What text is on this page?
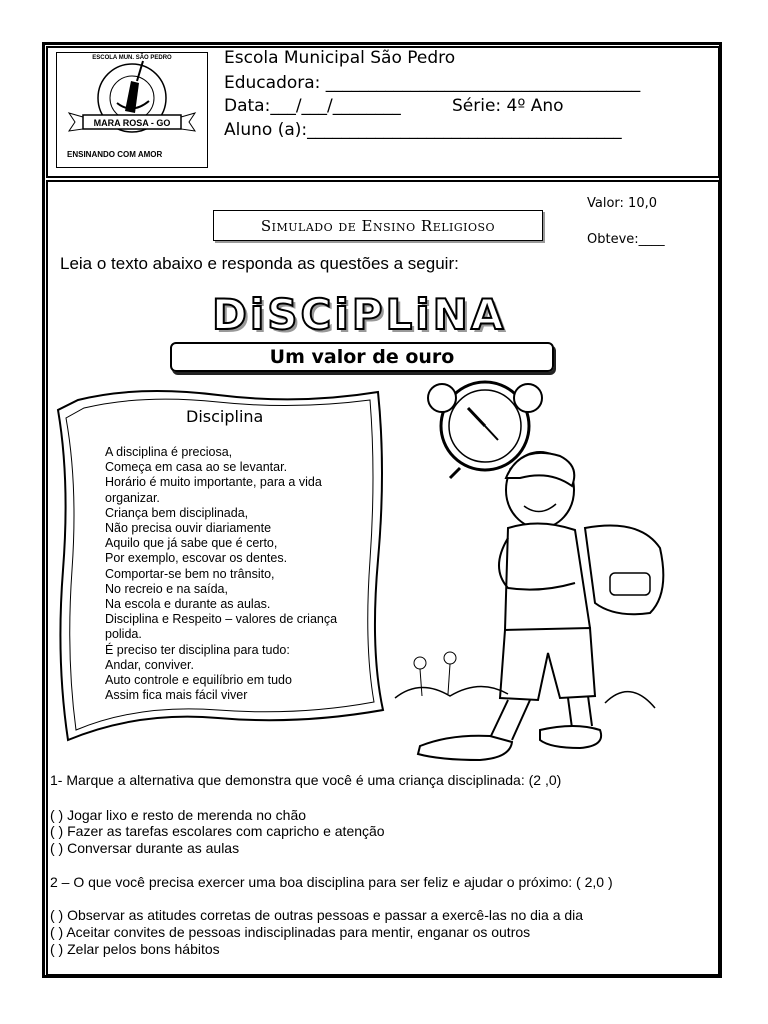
MARA ROSA - GO
ESCOLA MUN. SÃO PEDRO
ENSINANDO COM AMOR
Escola Municipal São Pedro
Educadora: _____________________________________
Data:___/___/________	Série: 4º Ano
Aluno (a):_____________________________________
Valor: 10,0
Obteve:____
Simulado de Ensino Religioso
Leia o texto abaixo e responda as questões a seguir:
DiSCiPLiNA
Um valor de ouro
Disciplina
A disciplina é preciosa,
Começa em casa ao se levantar.
Horário é muito importante, para a vida
organizar.
Criança bem disciplinada,
Não precisa ouvir diariamente
Aquilo que já sabe que é certo,
Por exemplo, escovar os dentes.
Comportar-se bem no trânsito,
No recreio e na saída,
Na escola e durante as aulas.
Disciplina e Respeito – valores de criança
polida.
É preciso ter disciplina para tudo:
Andar, conviver.
Auto controle e equilíbrio em tudo
Assim fica mais fácil viver
1- Marque a alternativa que demonstra que você é uma criança disciplinada: (2 ,0)
( ) Jogar lixo e resto de merenda no chão
( ) Fazer as tarefas escolares com capricho e atenção
( ) Conversar durante as aulas
2 – O que você precisa exercer uma boa disciplina para ser feliz e ajudar o próximo: ( 2,0 )
( ) Observar as atitudes corretas de outras pessoas e passar a exercê-las no dia a dia
( ) Aceitar convites de pessoas indisciplinadas para mentir, enganar os outros
( ) Zelar pelos bons hábitos
